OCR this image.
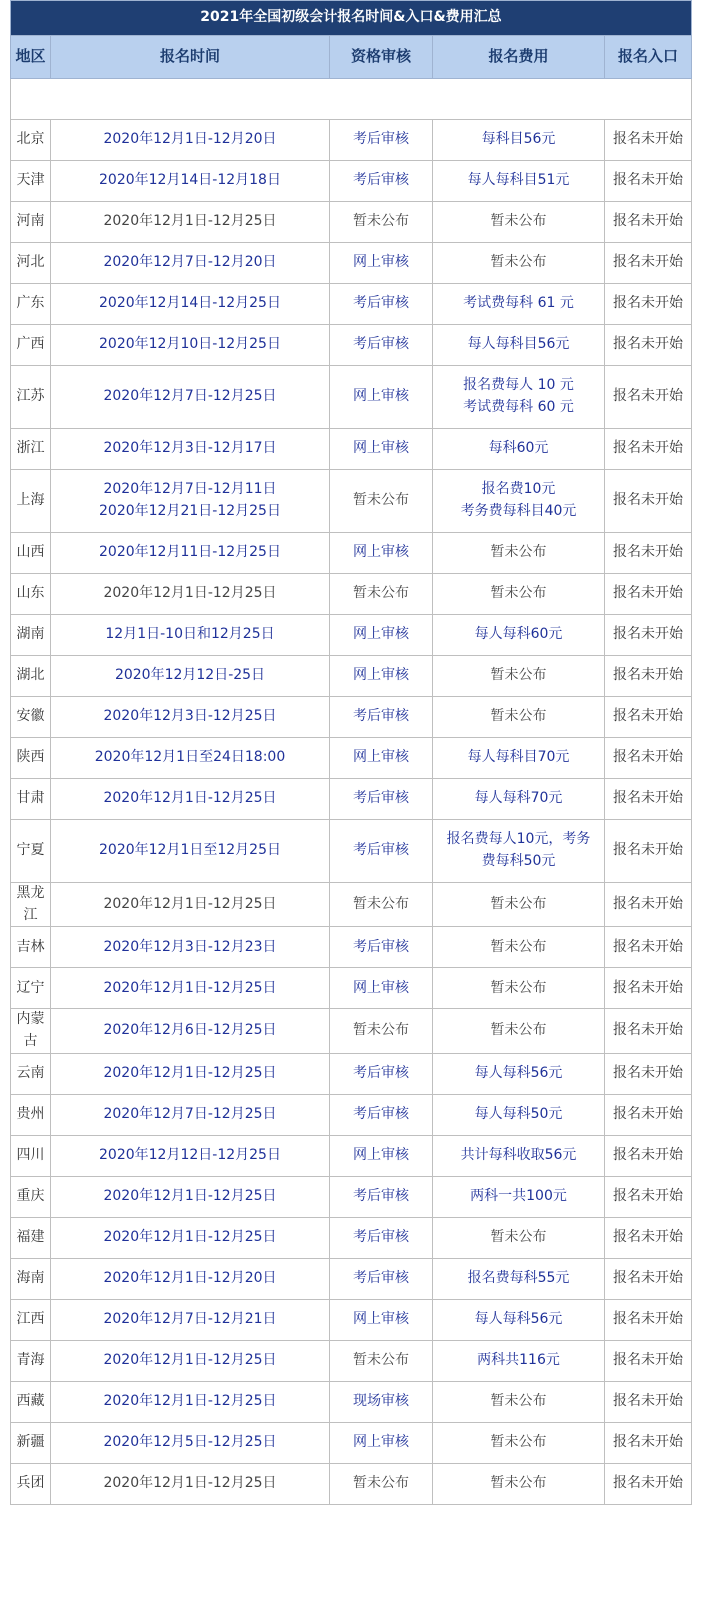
2021年全国初级会计报名时间&入口&费用汇总				
地区	报名时间	资格审核	报名费用	报名入口

北京	2020年12月1日-12月20日	考后审核	每科目56元	报名未开始
天津	2020年12月14日-12月18日	考后审核	每人每科目51元	报名未开始
河南	2020年12月1日-12月25日	暂未公布	暂未公布	报名未开始
河北	2020年12月7日-12月20日	网上审核	暂未公布	报名未开始
广东	2020年12月14日-12月25日	考后审核	考试费每科 61 元	报名未开始
广西	2020年12月10日-12月25日	考后审核	每人每科目56元	报名未开始
江苏	2020年12月7日-12月25日	网上审核	报名费每人 10 元
考试费每科 60 元	报名未开始
浙江	2020年12月3日-12月17日	网上审核	每科60元	报名未开始
上海	2020年12月7日-12月11日
2020年12月21日-12月25日	暂未公布	报名费10元
考务费每科目40元	报名未开始
山西	2020年12月11日-12月25日	网上审核	暂未公布	报名未开始
山东	2020年12月1日-12月25日	暂未公布	暂未公布	报名未开始
湖南	12月1日-10日和12月25日	网上审核	每人每科60元	报名未开始
湖北	2020年12月12日-25日	网上审核	暂未公布	报名未开始
安徽	2020年12月3日-12月25日	考后审核	暂未公布	报名未开始
陕西	2020年12月1日至24日18:00	网上审核	每人每科目70元	报名未开始
甘肃	2020年12月1日-12月25日	考后审核	每人每科70元	报名未开始
宁夏	2020年12月1日至12月25日	考后审核	报名费每人10元，考务
费每科50元	报名未开始
黑龙江	2020年12月1日-12月25日	暂未公布	暂未公布	报名未开始
吉林	2020年12月3日-12月23日	考后审核	暂未公布	报名未开始
辽宁	2020年12月1日-12月25日	网上审核	暂未公布	报名未开始
内蒙古	2020年12月6日-12月25日	暂未公布	暂未公布	报名未开始
云南	2020年12月1日-12月25日	考后审核	每人每科56元	报名未开始
贵州	2020年12月7日-12月25日	考后审核	每人每科50元	报名未开始
四川	2020年12月12日-12月25日	网上审核	共计每科收取56元	报名未开始
重庆	2020年12月1日-12月25日	考后审核	两科一共100元	报名未开始
福建	2020年12月1日-12月25日	考后审核	暂未公布	报名未开始
海南	2020年12月1日-12月20日	考后审核	报名费每科55元	报名未开始
江西	2020年12月7日-12月21日	网上审核	每人每科56元	报名未开始
青海	2020年12月1日-12月25日	暂未公布	两科共116元	报名未开始
西藏	2020年12月1日-12月25日	现场审核	暂未公布	报名未开始
新疆	2020年12月5日-12月25日	网上审核	暂未公布	报名未开始
兵团	2020年12月1日-12月25日	暂未公布	暂未公布	报名未开始
